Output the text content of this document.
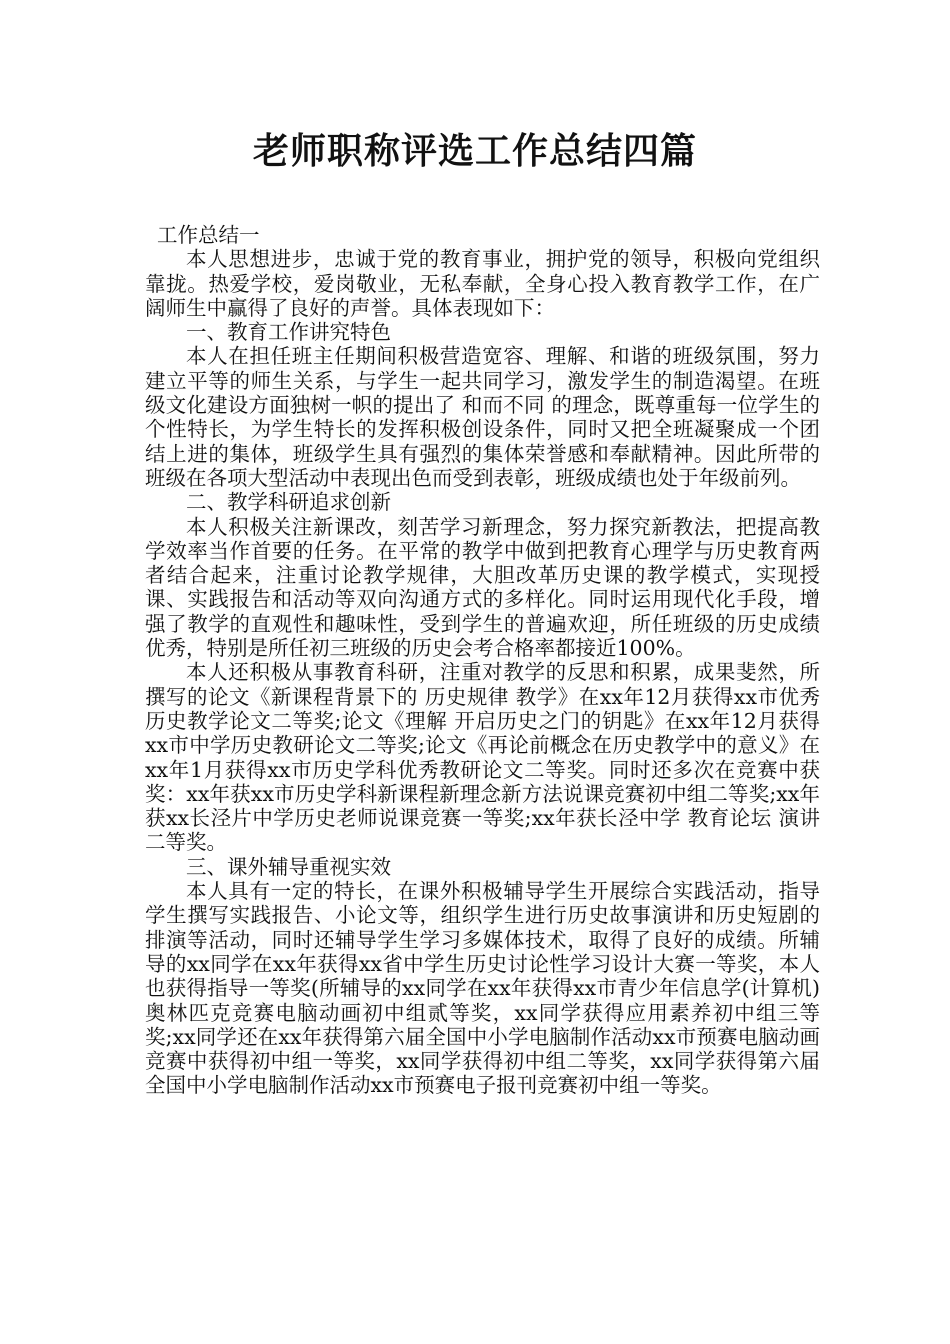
老师职称评选工作总结四篇

工作总结一

本人思想进步，忠诚于党的教育事业，拥护党的领导，积极向党组织靠拢。热爱学校，爱岗敬业，无私奉献，全身心投入教育教学工作，在广阔师生中赢得了良好的声誉。具体表现如下：

一、教育工作讲究特色

本人在担任班主任期间积极营造宽容、理解、和谐的班级氛围，努力建立平等的师生关系，与学生一起共同学习，激发学生的制造渴望。在班级文化建设方面独树一帜的提出了 和而不同 的理念，既尊重每一位学生的个性特长，为学生特长的发挥积极创设条件，同时又把全班凝聚成一个团结上进的集体，班级学生具有强烈的集体荣誉感和奉献精神。因此所带的班级在各项大型活动中表现出色而受到表彰，班级成绩也处于年级前列。

二、教学科研追求创新

本人积极关注新课改，刻苦学习新理念，努力探究新教法，把提高教学效率当作首要的任务。在平常的教学中做到把教育心理学与历史教育两者结合起来，注重讨论教学规律，大胆改革历史课的教学模式，实现授课、实践报告和活动等双向沟通方式的多样化。同时运用现代化手段，增强了教学的直观性和趣味性，受到学生的普遍欢迎，所任班级的历史成绩优秀，特别是所任初三班级的历史会考合格率都接近100%。

本人还积极从事教育科研，注重对教学的反思和积累，成果斐然，所撰写的论文《新课程背景下的 历史规律 教学》在xx年12月获得xx市优秀历史教学论文二等奖;论文《理解 开启历史之门的钥匙》在xx年12月获得xx市中学历史教研论文二等奖;论文《再论前概念在历史教学中的意义》在xx年1月获得xx市历史学科优秀教研论文二等奖。同时还多次在竞赛中获奖：xx年获xx市历史学科新课程新理念新方法说课竞赛初中组二等奖;xx年获xx长泾片中学历史老师说课竞赛一等奖;xx年获长泾中学 教育论坛 演讲二等奖。

三、课外辅导重视实效

本人具有一定的特长，在课外积极辅导学生开展综合实践活动，指导学生撰写实践报告、小论文等，组织学生进行历史故事演讲和历史短剧的排演等活动，同时还辅导学生学习多媒体技术，取得了良好的成绩。所辅导的xx同学在xx年获得xx省中学生历史讨论性学习设计大赛一等奖，本人也获得指导一等奖(所辅导的xx同学在xx年获得xx市青少年信息学(计算机)奥林匹克竞赛电脑动画初中组贰等奖，xx同学获得应用素养初中组三等奖;xx同学还在xx年获得第六届全国中小学电脑制作活动xx市预赛电脑动画竞赛中获得初中组一等奖，xx同学获得初中组二等奖，xx同学获得第六届全国中小学电脑制作活动xx市预赛电子报刊竞赛初中组一等奖。
